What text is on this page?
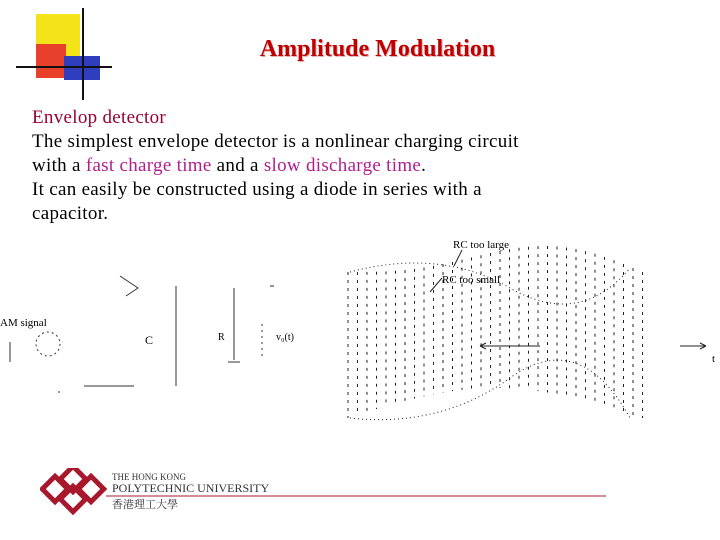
Amplitude Modulation
Envelop detector
The simplest envelope detector is a nonlinear charging circuit
with a fast charge time and a slow discharge time.
It can easily be constructed using a diode in series with a
capacitor.
AM signal
C	R	v₀(t)
RC too large
RC too small
t
THE HONG KONG
POLYTECHNIC UNIVERSITY
香港理工大學
